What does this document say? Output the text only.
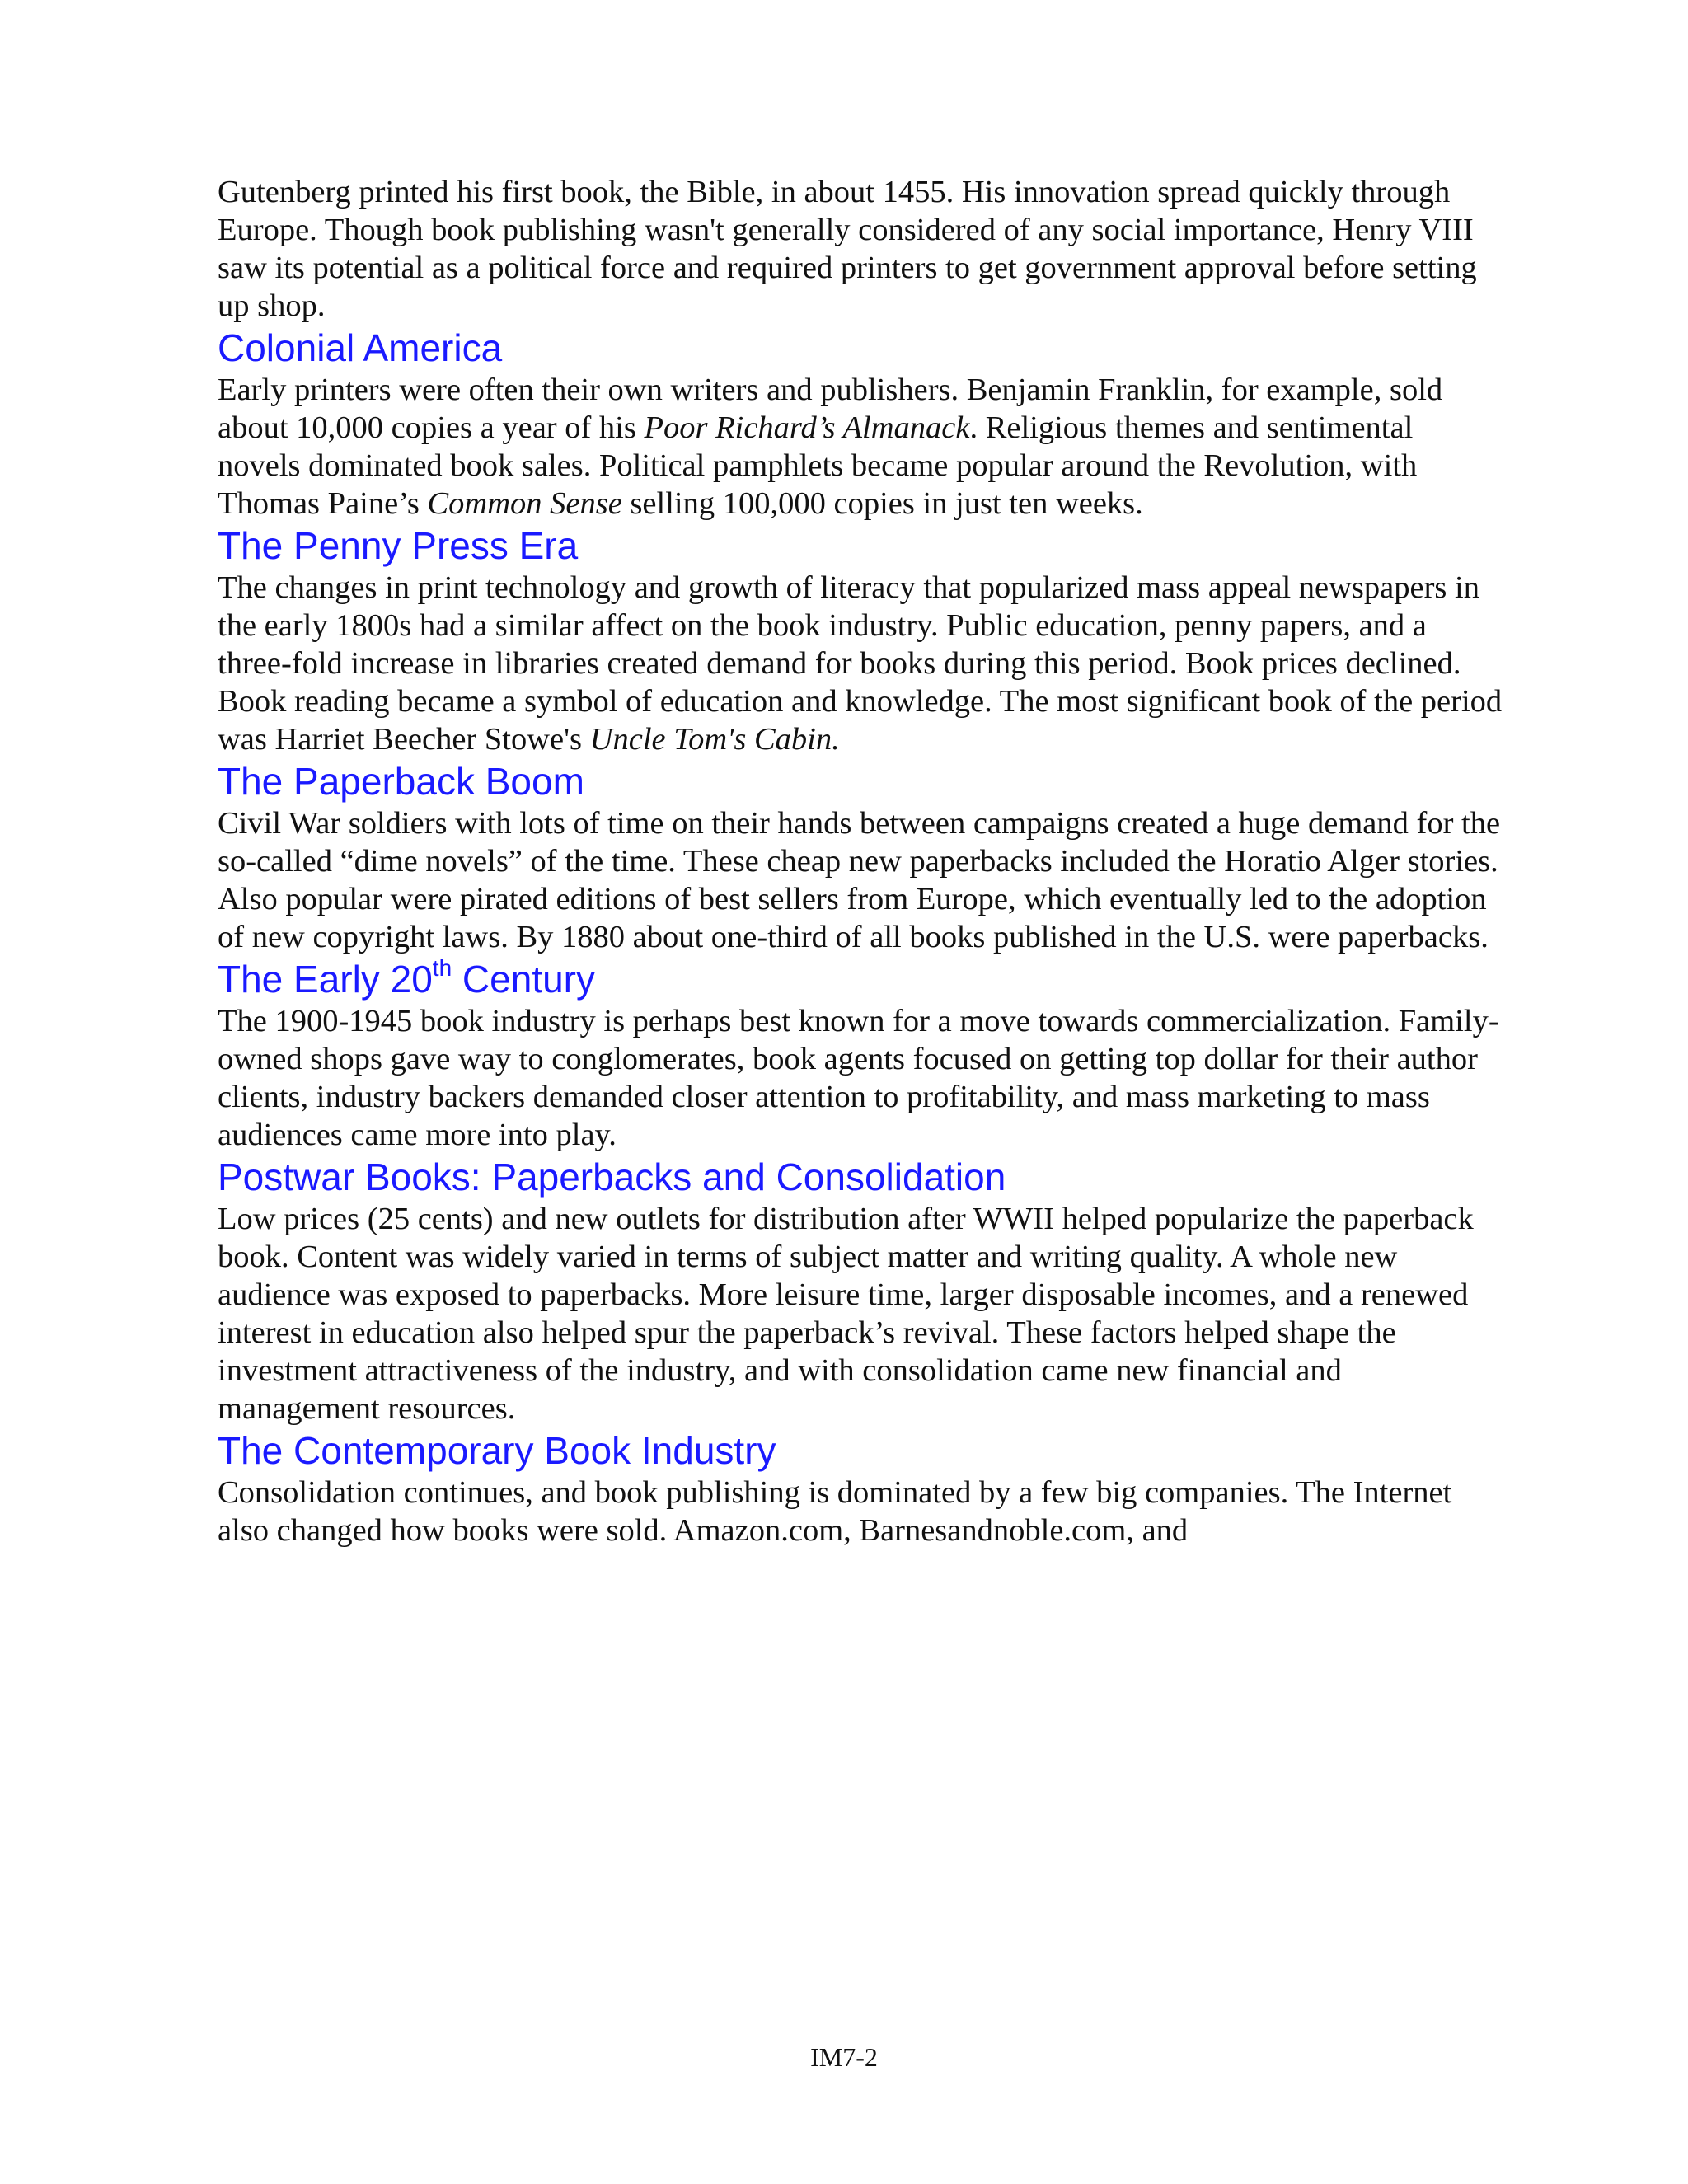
Gutenberg printed his first book, the Bible, in about 1455. His innovation spread quickly through Europe. Though book publishing wasn't generally considered of any social importance, Henry VIII saw its potential as a political force and required printers to get government approval before setting up shop.

Colonial America

Early printers were often their own writers and publishers. Benjamin Franklin, for example, sold about 10,000 copies a year of his Poor Richard’s Almanack. Religious themes and sentimental novels dominated book sales. Political pamphlets became popular around the Revolution, with Thomas Paine’s Common Sense selling 100,000 copies in just ten weeks.

The Penny Press Era

The changes in print technology and growth of literacy that popularized mass appeal newspapers in the early 1800s had a similar affect on the book industry. Public education, penny papers, and a three-fold increase in libraries created demand for books during this period. Book prices declined. Book reading became a symbol of education and knowledge. The most significant book of the period was Harriet Beecher Stowe's Uncle Tom's Cabin.

The Paperback Boom

Civil War soldiers with lots of time on their hands between campaigns created a huge demand for the so-called “dime novels” of the time. These cheap new paperbacks included the Horatio Alger stories. Also popular were pirated editions of best sellers from Europe, which eventually led to the adoption of new copyright laws. By 1880 about one-third of all books published in the U.S. were paperbacks.

The Early 20th Century

The 1900-1945 book industry is perhaps best known for a move towards commercialization. Family-owned shops gave way to conglomerates, book agents focused on getting top dollar for their author clients, industry backers demanded closer attention to profitability, and mass marketing to mass audiences came more into play.

Postwar Books: Paperbacks and Consolidation

Low prices (25 cents) and new outlets for distribution after WWII helped popularize the paperback book. Content was widely varied in terms of subject matter and writing quality. A whole new audience was exposed to paperbacks. More leisure time, larger disposable incomes, and a renewed interest in education also helped spur the paperback’s revival. These factors helped shape the investment attractiveness of the industry, and with consolidation came new financial and management resources.

The Contemporary Book Industry

Consolidation continues, and book publishing is dominated by a few big companies. The Internet also changed how books were sold. Amazon.com, Barnesandnoble.com, and

IM7-2
